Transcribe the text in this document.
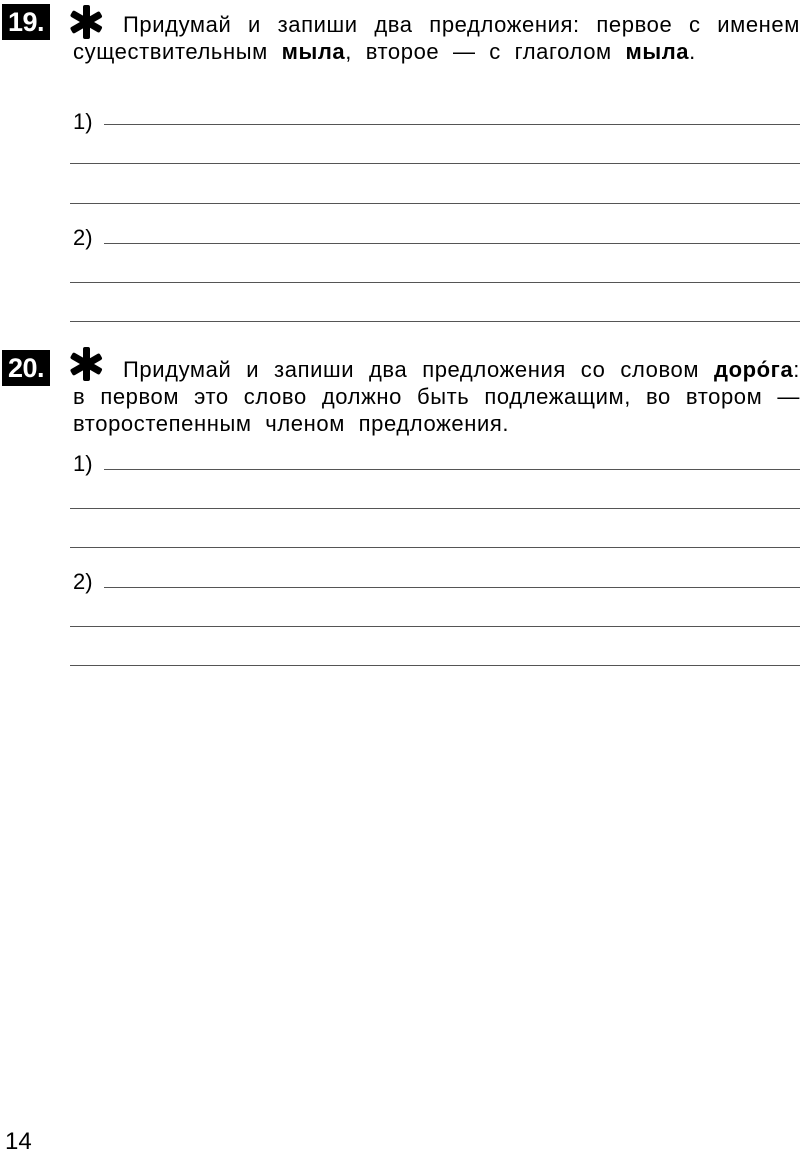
19.	Придумай и запиши два предложения: первое с именем существительным мыла, второе — с глаголом мыла.
1)
2)
20.	Придумай и запиши два предложения со словом доро́га: в первом это слово должно быть подлежащим, во втором — второстепенным членом предложения.
1)
2)
14
